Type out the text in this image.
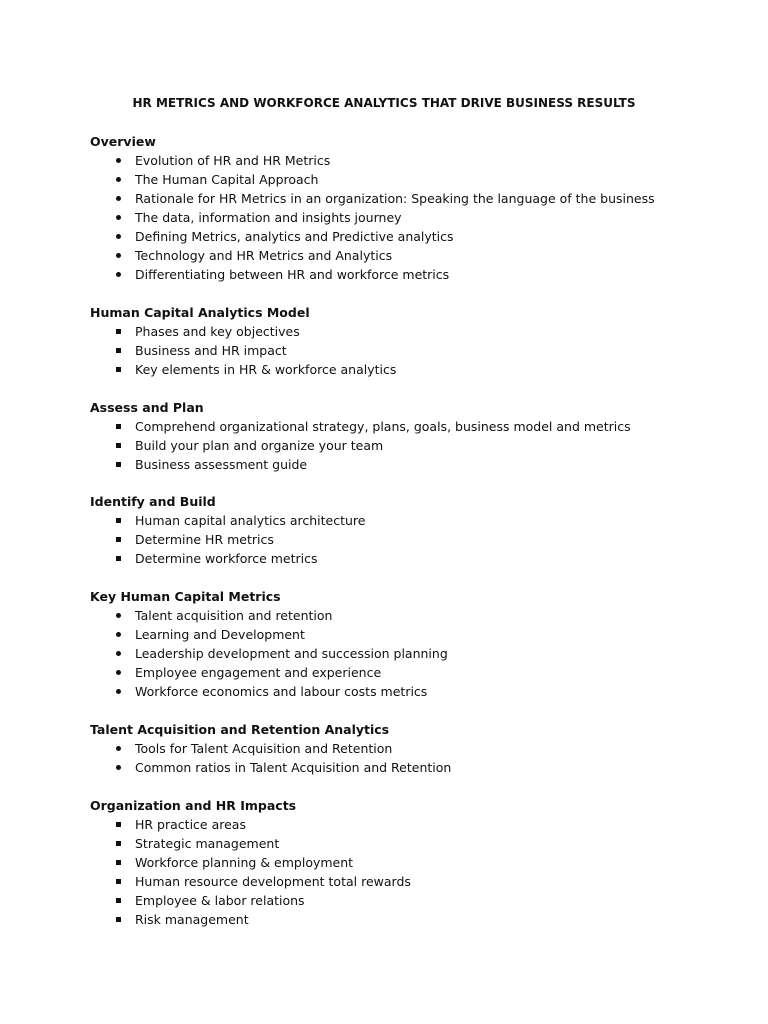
HR METRICS AND WORKFORCE ANALYTICS THAT DRIVE BUSINESS RESULTS
Overview
Evolution of HR and HR Metrics
The Human Capital Approach
Rationale for HR Metrics in an organization: Speaking the language of the business
The data, information and insights journey
Defining Metrics, analytics and Predictive analytics
Technology and HR Metrics and Analytics
Differentiating between HR and workforce metrics
Human Capital Analytics Model
Phases and key objectives
Business and HR impact
Key elements in HR & workforce analytics
Assess and Plan
Comprehend organizational strategy, plans, goals, business model and metrics
Build your plan and organize your team
Business assessment guide
Identify and Build
Human capital analytics architecture
Determine HR metrics
Determine workforce metrics
Key Human Capital Metrics
Talent acquisition and retention
Learning and Development
Leadership development and succession planning
Employee engagement and experience
Workforce economics and labour costs metrics
Talent Acquisition and Retention Analytics
Tools for Talent Acquisition and Retention
Common ratios in Talent Acquisition and Retention
Organization and HR Impacts
HR practice areas
Strategic management
Workforce planning & employment
Human resource development total rewards
Employee & labor relations
Risk management
